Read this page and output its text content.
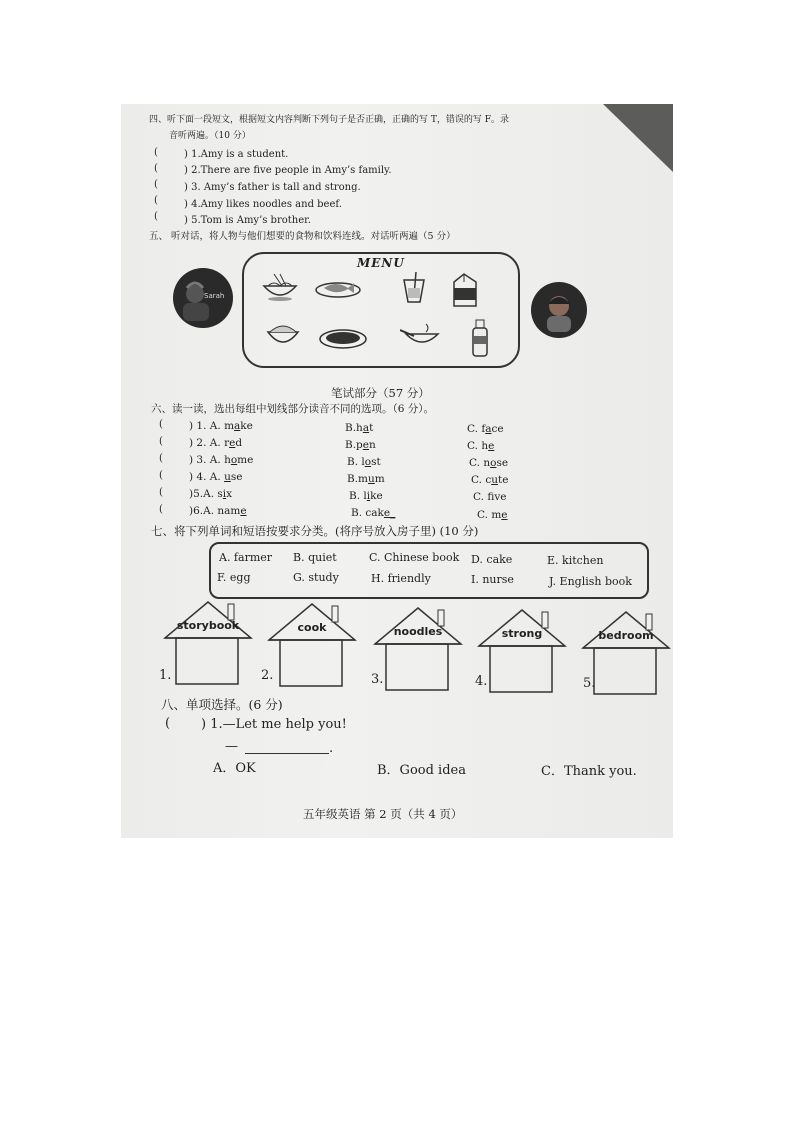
四、听下面一段短文，根据短文内容判断下列句子是否正确，正确的写 T，错误的写 F。录
音听两遍。（10 分）
(	) 1.Amy is a student.
(	) 2.There are five people in Amy’s family.
(	) 3. Amy’s father is tall and strong.
(	) 4.Amy likes noodles and beef.
(	) 5.Tom is Amy’s brother.
五、 听对话，将人物与他们想要的食物和饮料连线。对话听两遍（5 分）
Sarah
MENU
笔试部分（57 分）
六、读一读，选出每组中划线部分读音不同的选项。（6 分）。
( ) 1. A. make	B.hat	C. face
( ) 2. A. red	B.pen	C. he
( ) 3. A. home	B. lost	C. nose
( ) 4. A. use	B.mum	C. cute
( )5.A. six	B. like	C. fve
( )6.A. name	B. cake_	C. me
七、将下列单词和短语按要求分类。(将序号放入房子里) (10 分)
A. farmer B. quiet	C. Chinese book D. cake	E. kitchen
F. egg	G. study	H. friendly	I. nurse	J. English book
1.
storybook
2.
cook
3.
noodles
4.
strong
5.
bedroom
八、单项选择。(6 分)
( ) 1.—Let me help you!
—	.
A．OK	B．Good idea	C．Thank you.
五年级英语 第 2 页（共 4 页）
